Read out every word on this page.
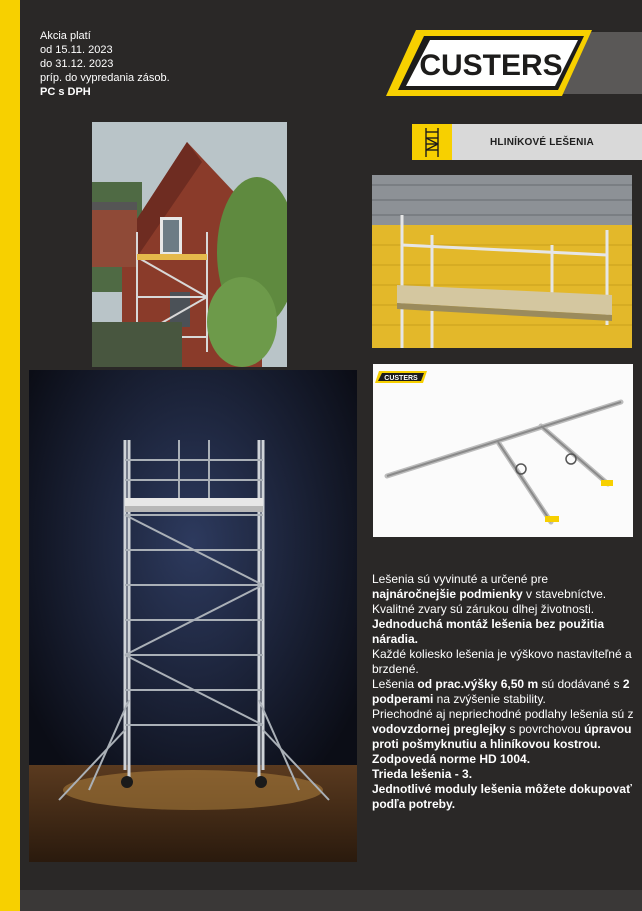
Akcia platí
od 15.11. 2023
do 31.12. 2023
príp. do vypredania zásob.
PC s DPH
CUSTERS
HLINÍKOVÉ LEŠENIA
CUSTERS

Lešenia sú vyvinuté a určené pre najnáročnejšie podmienky v stavebníctve.

Kvalitné zvary sú zárukou dlhej životnosti.

Jednoduchá montáž lešenia bez použitia náradia.

Každé koliesko lešenia je výškovo nastaviteľné a brzdené.

Lešenia od prac.výšky 6,50 m sú dodávané s 2 podperami na zvýšenie stability.

Priechodné aj nepriechodné podlahy lešenia sú z vodovzdornej preglejky s povrchovou úpravou proti pošmyknutiu a hliníkovou kostrou.

Zodpovedá norme HD 1004.

Trieda lešenia - 3.

Jednotlivé moduly lešenia môžete dokupovať podľa potreby.
